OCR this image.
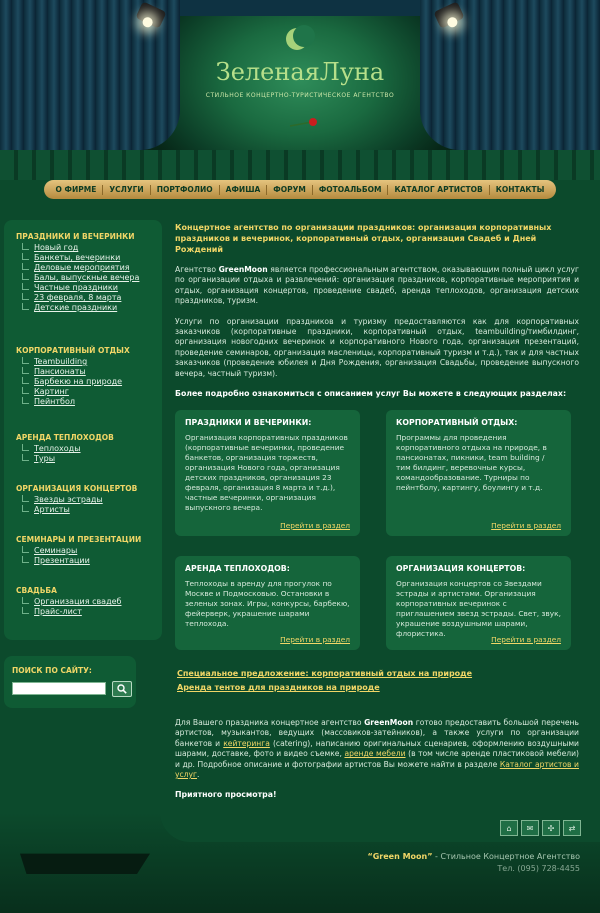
ЗеленаяЛуна
СТИЛЬНОЕ КОНЦЕРТНО-ТУРИСТИЧЕСКОЕ АГЕНТСТВО
О ФИРМЕ	УСЛУГИ	ПОРТФОЛИО	АФИША	ФОРУМ	ФОТОАЛЬБОМ	КАТАЛОГ АРТИСТОВ	КОНТАКТЫ
ПРАЗДНИКИ И ВЕЧЕРИНКИ
Новый год
Банкеты, вечеринки
Деловые мероприятия
Балы, выпускные вечера
Частные праздники
23 февраля, 8 марта
Детские праздники
КОРПОРАТИВНЫЙ ОТДЫХ
Teambuilding
Пансионаты
Барбекю на природе
Картинг
Пейнтбол
АРЕНДА ТЕПЛОХОДОВ
Теплоходы
Туры
ОРГАНИЗАЦИЯ КОНЦЕРТОВ
Звезды эстрады
Артисты
СЕМИНАРЫ И ПРЕЗЕНТАЦИИ
Семинары
Презентации
СВАДЬБА
Организация свадеб
Прайс-лист
ПОИСК ПО САЙТУ:
Концертное агентство по организации праздников: организация корпоративных праздников и вечеринок, корпоративный отдых, организация Свадеб и Дней Рождений
Агентство GreenMoon является профессиональным агентством, оказывающим полный цикл услуг по организации отдыха и развлечений: организация праздников, корпоративные мероприятия и отдых, организация концертов, проведение свадеб, аренда теплоходов, организация детских праздников, туризм.
Услуги по организации праздников и туризму предоставляются как для корпоративных заказчиков (корпоративные праздники, корпоративный отдых, teambuilding/тимбилдинг, организация новогодних вечеринок и корпоративного Нового года, организация презентаций, проведение семинаров, организация масленицы, корпоративный туризм и т.д.), так и для частных заказчиков (проведение юбилея и Дня Рождения, организация Свадьбы, проведение выпускного вечера, частный туризм).
Более подробно ознакомиться с описанием услуг Вы можете в следующих разделах:
ПРАЗДНИКИ И ВЕЧЕРИНКИ:
Организация корпоративных праздников (корпоративные вечеринки, проведение банкетов, организация торжеств, организация Нового года, организация детских праздников, организация 23 февраля, организация 8 марта и т.д.), частные вечеринки, организация выпускного вечера.
Перейти в раздел
КОРПОРАТИВНЫЙ ОТДЫХ:
Программы для проведения корпоративного отдыха на природе, в пансионатах, пикники, team building / тим билдинг, веревочные курсы, командообразование. Турниры по пейнтболу, картингу, боулингу и т.д.
Перейти в раздел
АРЕНДА ТЕПЛОХОДОВ:
Теплоходы в аренду для прогулок по Москве и Подмосковью. Остановки в зеленых зонах. Игры, конкурсы, барбекю, фейерверк, украшение шарами теплохода.
Перейти в раздел
ОРГАНИЗАЦИЯ КОНЦЕРТОВ:
Организация концертов со Звездами эстрады и артистами. Организация корпоративных вечеринок с приглашением звезд эстрады. Свет, звук, украшение воздушными шарами, флористика.
Перейти в раздел
Специальное предложение: корпоративный отдых на природе
Аренда тентов для праздников на природе
Для Вашего праздника концертное агентство GreenMoon готово предоставить большой перечень артистов, музыкантов, ведущих (массовиков-затейников), а также услуги по организации банкетов и кейтеринга (catering), написанию оригинальных сценариев, оформлению воздушными шарами, доставке, фото и видео съемке, аренде мебели (в том числе аренде пластиковой мебели) и др. Подробное описание и фотографии артистов Вы можете найти в разделе Каталог артистов и услуг.
Приятного просмотра!
⌂	✉	✣	⇄
“Green Moon” - Стильное Концертное Агентство
Тел. (095) 728-4455
